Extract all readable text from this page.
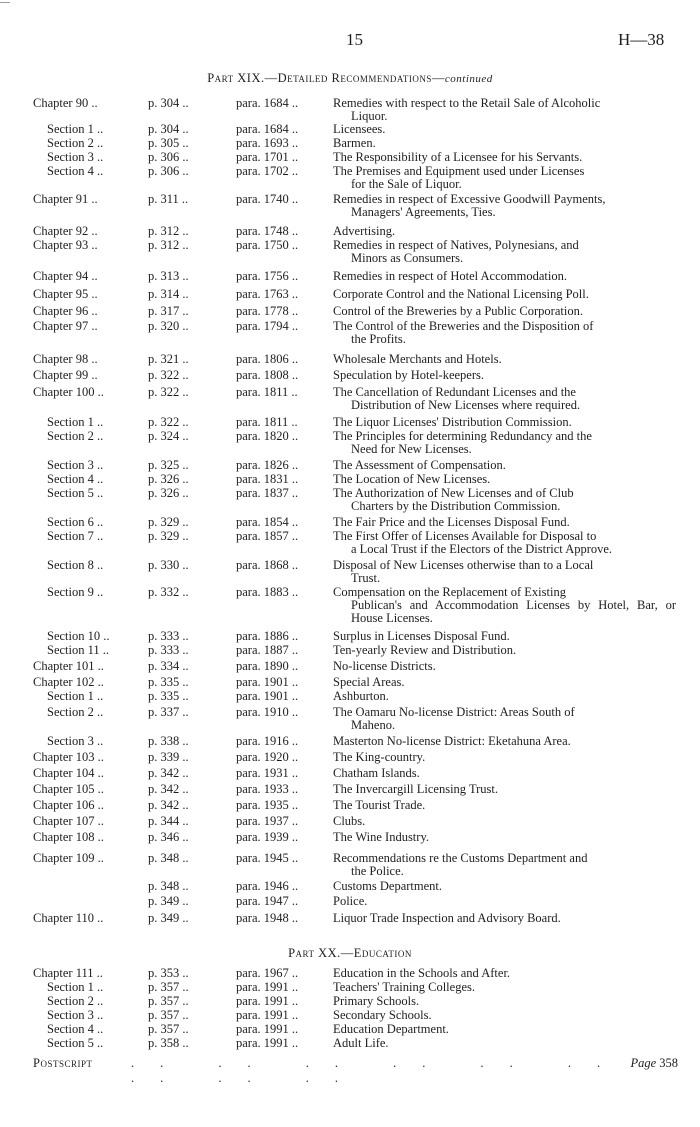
15	H—38
Part XIX.—Detailed Recommendations—continued
Part XX.—Education
Chapter 90 ..	p. 304 ..	para. 1684 ..	Remedies with respect to the Retail Sale of Alcoholic
Liquor.
Section 1 ..	p. 304 ..	para. 1684 ..	Licensees.
Section 2 ..	p. 305 ..	para. 1693 ..	Barmen.
Section 3 ..	p. 306 ..	para. 1701 ..	The Responsibility of a Licensee for his Servants.
Section 4 ..	p. 306 ..	para. 1702 ..	The Premises and Equipment used under Licenses
for the Sale of Liquor.
Chapter 91 ..	p. 311 ..	para. 1740 ..	Remedies in respect of Excessive Goodwill Payments,
Managers' Agreements, Ties.
Chapter 92 ..	p. 312 ..	para. 1748 ..	Advertising.
Chapter 93 ..	p. 312 ..	para. 1750 ..	Remedies in respect of Natives, Polynesians, and
Minors as Consumers.
Chapter 94 ..	p. 313 ..	para. 1756 ..	Remedies in respect of Hotel Accommodation.
Chapter 95 ..	p. 314 ..	para. 1763 ..	Corporate Control and the National Licensing Poll.
Chapter 96 ..	p. 317 ..	para. 1778 ..	Control of the Breweries by a Public Corporation.
Chapter 97 ..	p. 320 ..	para. 1794 ..	The Control of the Breweries and the Disposition of
the Profits.
Chapter 98 ..	p. 321 ..	para. 1806 ..	Wholesale Merchants and Hotels.
Chapter 99 ..	p. 322 ..	para. 1808 ..	Speculation by Hotel-keepers.
Chapter 100 ..	p. 322 ..	para. 1811 ..	The Cancellation of Redundant Licenses and the
Distribution of New Licenses where required.
Section 1 ..	p. 322 ..	para. 1811 ..	The Liquor Licenses' Distribution Commission.
Section 2 ..	p. 324 ..	para. 1820 ..	The Principles for determining Redundancy and the
Need for New Licenses.
Section 3 ..	p. 325 ..	para. 1826 ..	The Assessment of Compensation.
Section 4 ..	p. 326 ..	para. 1831 ..	The Location of New Licenses.
Section 5 ..	p. 326 ..	para. 1837 ..	The Authorization of New Licenses and of Club
Charters by the Distribution Commission.
Section 6 ..	p. 329 ..	para. 1854 ..	The Fair Price and the Licenses Disposal Fund.
Section 7 ..	p. 329 ..	para. 1857 ..	The First Offer of Licenses Available for Disposal to
a Local Trust if the Electors of the District Approve.
Section 8 ..	p. 330 ..	para. 1868 ..	Disposal of New Licenses otherwise than to a Local
Trust.
Section 9 ..	p. 332 ..	para. 1883 ..	Compensation on the Replacement of Existing
Publican's and Accommodation Licenses by Hotel, Bar, or House Licenses.
Section 10 ..	p. 333 ..	para. 1886 ..	Surplus in Licenses Disposal Fund.
Section 11 ..	p. 333 ..	para. 1887 ..	Ten-yearly Review and Distribution.
Chapter 101 ..	p. 334 ..	para. 1890 ..	No-license Districts.
Chapter 102 ..	p. 335 ..	para. 1901 ..	Special Areas.
Section 1 ..	p. 335 ..	para. 1901 ..	Ashburton.
Section 2 ..	p. 337 ..	para. 1910 ..	The Oamaru No-license District: Areas South of
Maheno.
Section 3 ..	p. 338 ..	para. 1916 ..	Masterton No-license District: Eketahuna Area.
Chapter 103 ..	p. 339 ..	para. 1920 ..	The King-country.
Chapter 104 ..	p. 342 ..	para. 1931 ..	Chatham Islands.
Chapter 105 ..	p. 342 ..	para. 1933 ..	The Invercargill Licensing Trust.
Chapter 106 ..	p. 342 ..	para. 1935 ..	The Tourist Trade.
Chapter 107 ..	p. 344 ..	para. 1937 ..	Clubs.
Chapter 108 ..	p. 346 ..	para. 1939 ..	The Wine Industry.
Chapter 109 ..	p. 348 ..	para. 1945 ..	Recommendations re the Customs Department and
the Police.
p. 348 ..	para. 1946 ..	Customs Department.
p. 349 ..	para. 1947 ..	Police.
Chapter 110 ..	p. 349 ..	para. 1948 ..	Liquor Trade Inspection and Advisory Board.
Chapter 111 ..	p. 353 ..	para. 1967 ..	Education in the Schools and After.
Section 1 ..	p. 357 ..	para. 1991 ..	Teachers' Training Colleges.
Section 2 ..	p. 357 ..	para. 1991 ..	Primary Schools.
Section 3 ..	p. 357 ..	para. 1991 ..	Secondary Schools.
Section 4 ..	p. 357 ..	para. 1991 ..	Education Department.
Section 5 ..	p. 358 ..	para. 1991 ..	Adult Life.
Postscript	.. .. .. .. .. .. .. .. ..
Page 358
